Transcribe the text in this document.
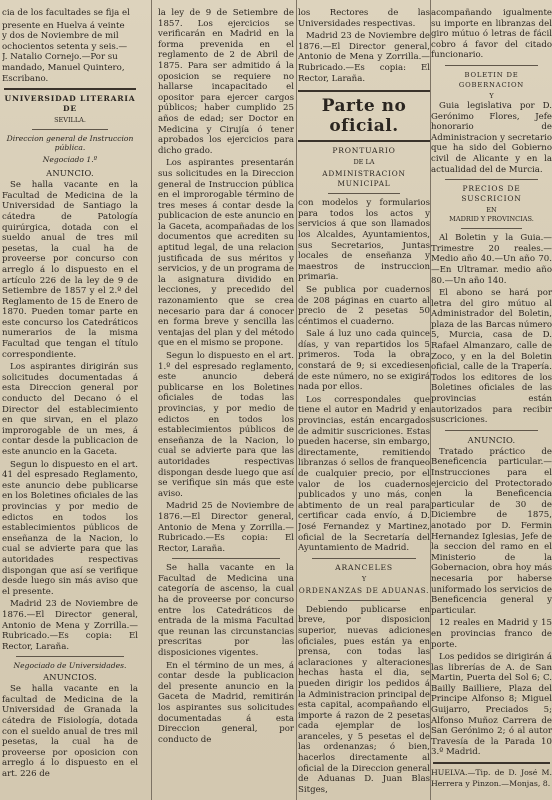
cia de los facultades se fija el

presente en Huelva á veinte

y dos de Noviembre de mil

ochocientos setenta y seis.—

J. Natalio Cornejo.—Por su

mandado, Manuel Quintero,

Escribano.

UNIVERSIDAD LITERARIA DE

SEVILLA.

Direccion general de Instruccion

pública.

Negociado 1.º

ANUNCIO.

Se halla vacante en la Facultad de Medicina de la Universidad de Santiago la cátedra de Patología quirúrgica, dotada con el sueldo anual de tres mil pesetas, la cual ha de proveerse por concurso con arreglo á lo dispuesto en el artículo 226 de la ley de 9 de Setiembre de 1857 y el 2.º del Reglamento de 15 de Enero de 1870. Pueden tomar parte en este concurso los Catedráticos numerarios de la misma Facultad que tengan el título correspondiente.

Los aspirantes dirigirán sus solicitudes documentadas á esta Direccion general por conducto del Decano ó el Director del establecimiento en que sirvan, en el plazo improrogable de un mes, á contar desde la publicacion de este anuncio en la Gaceta.

Segun lo dispuesto en el art. 41 del espresado Reglamento, este anuncio debe publicarse en los Boletines oficiales de las provincias y por medio de edictos en todos los establecimientos públicos de enseñanza de la Nacion, lo cual se advierte para que las autoridades respectivas dispongan que así se verifique desde luego sin más aviso que el presente.

Madrid 23 de Noviembre de 1876.—El Director general, Antonio de Mena y Zorrilla.—Rubricado.—Es copia: El Rector, Laraña.

Negociado de Universidades.

ANUNCIOS.

Se halla vacante en la facultad de Medicina de la Universidad de Granada la cátedra de Fisiología, dotada con el sueldo anual de tres mil pesetas, la cual ha de proveerse por oposicion con arreglo á lo dispuesto en el art. 226 de

la ley de 9 de Setiembre de 1857. Los ejercicios se verificarán en Madrid en la forma prevenida en el reglamento de 2 de Abril de 1875. Para ser admitido á la oposicion se requiere no hallarse incapacitado el opositor para ejercer cargos públicos; haber cumplido 25 años de edad; ser Doctor en Medicina y Cirujía ó tener aprobados los ejercicios para dicho grado.

Los aspirantes presentarán sus solicitudes en la Direccion general de Instruccion pública en el improrogable término de tres meses á contar desde la publicacion de este anuncio en la Gaceta, acompañadas de los documentos que acrediten su aptitud legal, de una relacion justificada de sus méritos y servicios, y de un programa de la asignatura dividido en lecciones, y precedido del razonamiento que se crea necesario para dar á conocer en forma breve y sencilla las ventajas del plan y del método que en el mismo se propone.

Segun lo dispuesto en el art. 1.º del espresado reglamento, este anuncio deberá publicarse en los Boletines oficiales de todas las provincias, y por medio de edictos en todos los establecimientos públicos de enseñanza de la Nacion, lo cual se advierte para que las autoridades respectivas dispongan desde luego que así se verifique sin más que este aviso.

Madrid 25 de Noviembre de 1876.—El Director general, Antonio de Mena y Zorrilla.—Rubricado.—Es copia: El Rector, Laraña.

Se halla vacante en la Facultad de Medicina una categoría de ascenso, la cual ha de proveerse por concurso entre los Catedráticos de entrada de la misma Facultad que reunan las circunstancias prescritas por las disposiciones vigentes.

En el término de un mes, á contar desde la publicacion del presente anuncio en la Gaceta de Madrid, remitirán los aspirantes sus solicitudes documentadas á esta Direccion general, por conducto de

los Rectores de las Universidades respectivas.

Madrid 23 de Noviembre de 1876.—El Director general, Antonio de Mena y Zorrilla.—Rubricado.—Es copia: El Rector, Laraña.

Parte no oficial.

PRONTUARIO

DE LA

ADMINISTRACION MUNICIPAL

con modelos y formularios para todos los actos y servicios á que son llamados los Alcaldes, Ayuntamientos, sus Secretarios, Juntas locales de enseñanza y maestros de instruccion primaria.

Se publica por cuadernos de 208 páginas en cuarto al precio de 2 pesetas 50 céntimos el cuaderno.

Sale á luz uno cada quince días, y van repartidos los 5 primeros. Toda la obra constará de 9; si excediesen de este número, no se exigirá nada por ellos.

Los correspondales que tiene el autor en Madrid y en provincias, están encargados de admitir suscriciones. Estas pueden hacerse, sin embargo, directamente, remitiendo libranzas ó sellos de franqueo de cualquier precio, por el valor de los cuadernos publicados y uno más, con abtimento de un real para certificar cada envío, á D. José Fernandez y Martinez, oficial de la Secretaría del Ayuntamiento de Madrid.

ARANCELES

Y

ORDENANZAS DE ADUANAS.

Debiendo publicarse en breve, por disposicion superior, nuevas adiciones oficiales, pues están ya en prensa, con todas las aclaraciones y alteraciones hechas hasta el dia, se pueden dirigir los pedidos á la Administracion principal de esta capital, acompañando el importe á razon de 2 pesetas cada ejemplar de los aranceles, y 5 pesetas el de las ordenanzas; ó bien, hacerlos directamente al oficial de la Direccion general de Aduanas D. Juan Blas Sitges,

acompañando igualmente su importe en libranzas del giro mútuo ó letras de fácil cobro á favor del citado funcionario.

BOLETIN DE GOBERNACION

Y

Guia legislativa por D. Gerónimo Flores, Jefe honorario de Administracion y secretario que ha sido del Gobierno civil de Alicante y en la actualidad del de Murcia.

PRECIOS DE SUSCRICION

EN

MADRID Y PROVINCIAS.

Al Boletin y la Guia.—Trimestre 20 reales.—Medio año 40.—Un año 70.—En Ultramar. medio año 80.—Un año 140.

El abono se hará por letra del giro mútuo al Administrador del Boletin, plaza de las Barcas número 5, Murcia, casa de D. Rafael Almanzaro, calle de Zoco, y en la del Boletin oficial, calle de la Trapería. Todos los editores de los Boletines oficiales de las provincias están autorizados para recibir suscriciones.

ANUNCIO.

Tratado práctico de Beneficencia particular.—Instrucciones para el ejercicio del Protectorado en la Beneficencia particular de 30 de Diciembre de 1875, anotado por D. Fermin Hernandez Iglesias, Jefe de la seccion del ramo en el Ministerio de la Gobernacion, obra hoy más necesaria por haberse uniformado los servicios de Beneficencia general y particular.

12 reales en Madrid y 15 en provincias franco de porte.

Los pedidos se dirigirán á las librerías de A. de San Martin, Puerta del Sol 6; C. Bailly Bailliere, Plaza del Principe Alfonso 8; Miguel Guijarro, Preciados 5; Alfonso Muñoz Carrera de San Gerónimo 2; ó al autor Travesía de la Parada 10 3.º Madrid.

HUELVA.—Tip. de D. José M. Herrera y Pinzon.—Monjas, 8.
